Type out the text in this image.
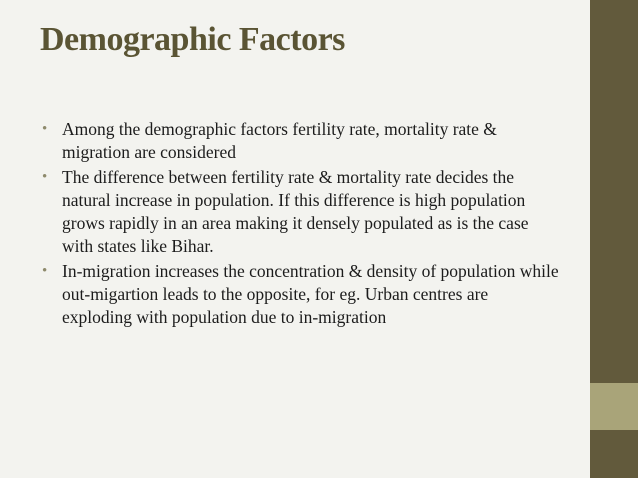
Demographic Factors
• Among the demographic factors fertility rate, mortality rate & migration are considered
• The difference between fertility rate & mortality rate decides the natural increase in population. If this difference is high population grows rapidly in an area making it densely populated as is the case with states like Bihar.
• In-migration increases the concentration & density of population while out-migartion leads to the opposite, for eg. Urban centres are exploding with population due to in-migration
